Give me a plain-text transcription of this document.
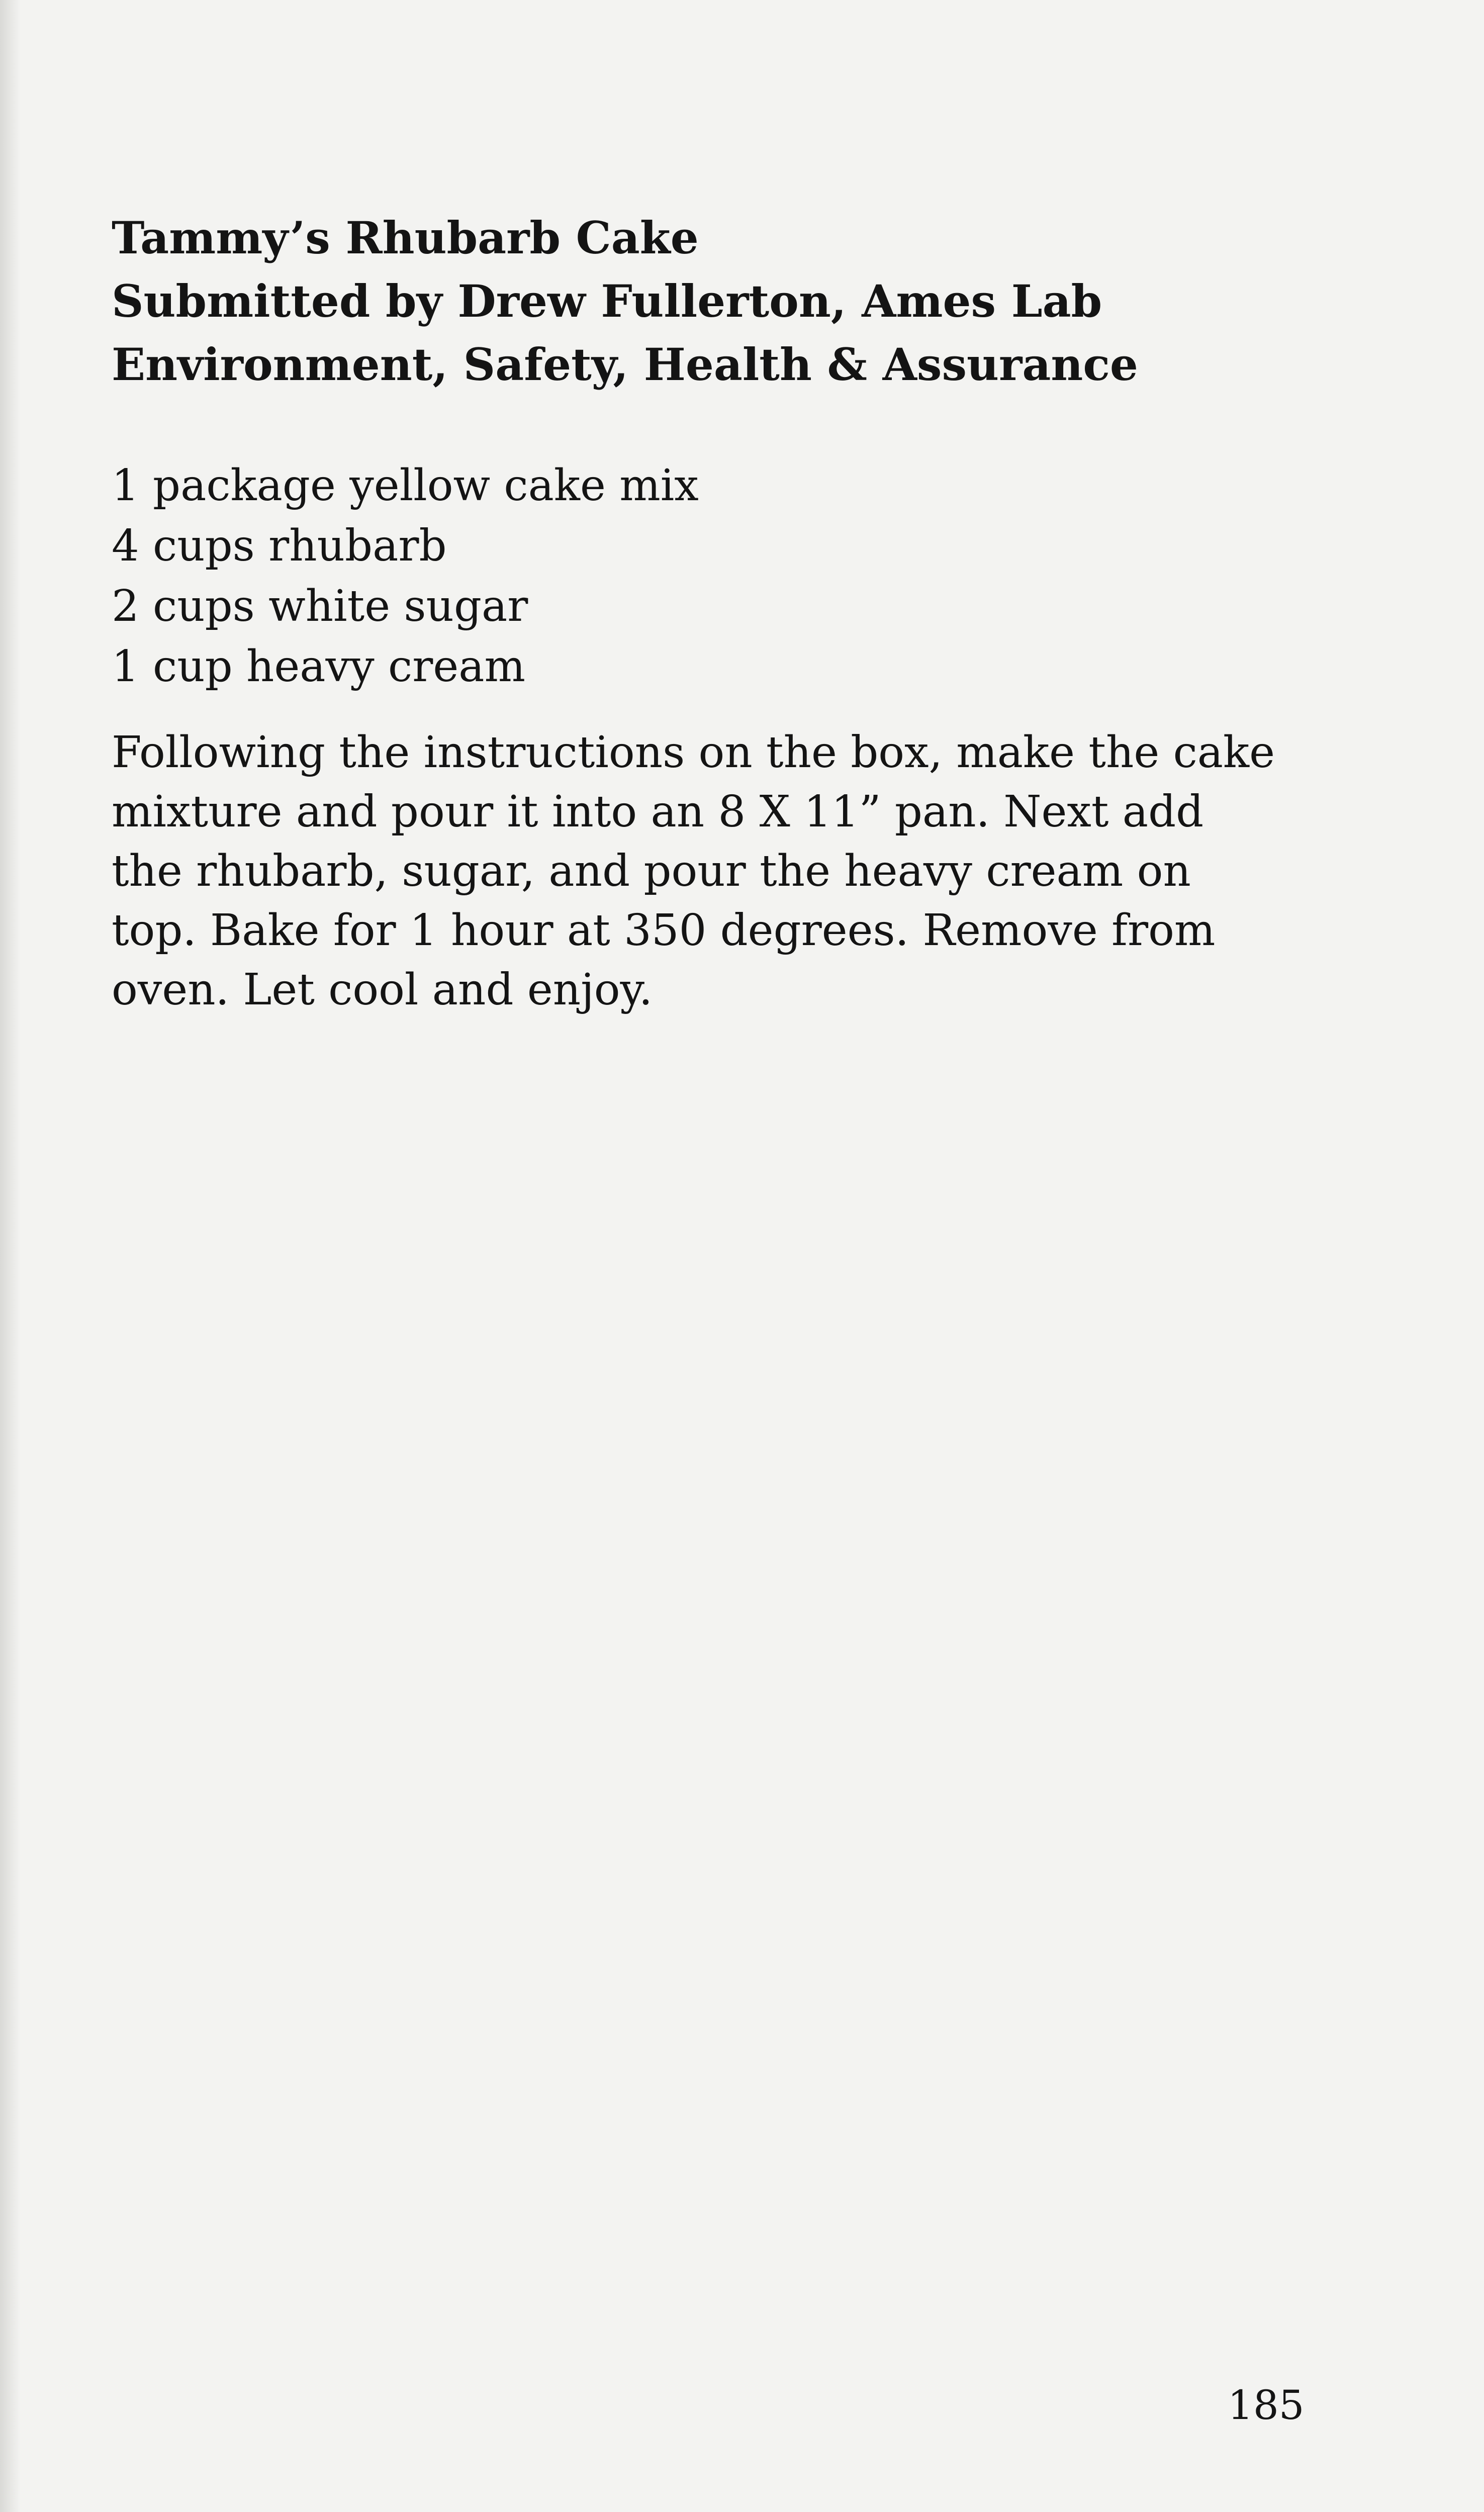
Tammy’s Rhubarb Cake
Submitted by Drew Fullerton, Ames Lab
Environment, Safety, Health & Assurance
1 package yellow cake mix
4 cups rhubarb
2 cups white sugar
1 cup heavy cream
Following the instructions on the box, make the cake mixture and pour it into an 8 X 11” pan. Next add the rhubarb, sugar, and pour the heavy cream on top. Bake for 1 hour at 350 degrees. Remove from oven. Let cool and enjoy.
185
